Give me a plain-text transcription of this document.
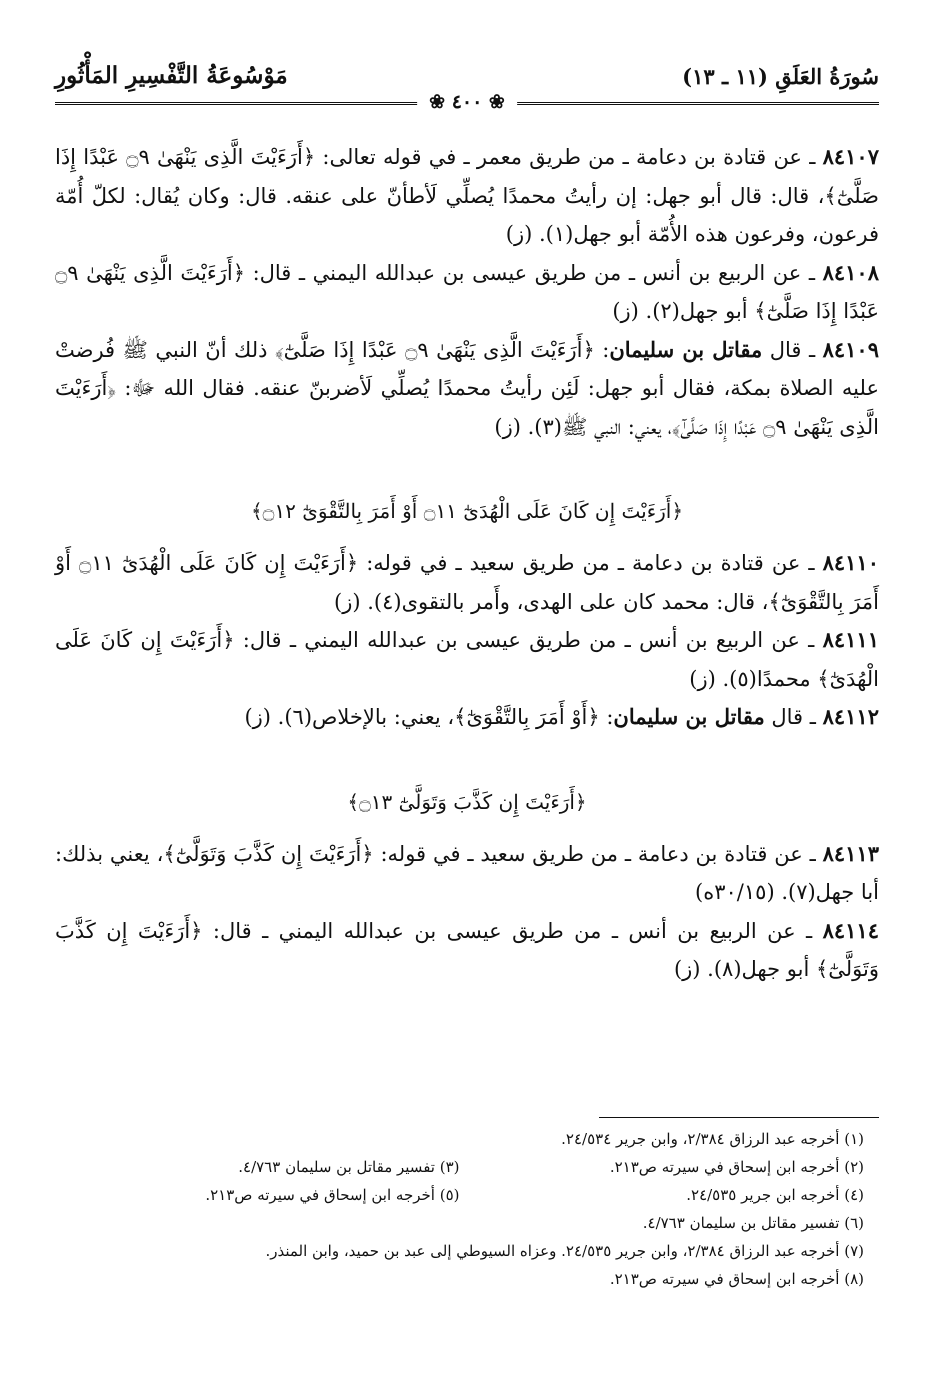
سُورَةُ العَلَقِ (١١ ـ ١٣)
مَوْسُوعَةُ التَّفْسِيرِ المَأْثُورِ
❀ ٤٠٠ ❀

٨٤١٠٧ ـ عن قتادة بن دعامة ـ من طريق معمر ـ في قوله تعالى: ﴿أَرَءَيْتَ الَّذِى يَنْهَىٰ ۝٩ عَبْدًا إِذَا صَلَّىٰٓ﴾، قال: قال أبو جهل: إن رأيتُ محمدًا يُصلِّي لَأطأنّ على عنقه. قال: وكان يُقال: لكلّ أُمّة فرعون، وفرعون هذه الأُمّة أبو جهل(١). (ز)

٨٤١٠٨ ـ عن الربيع بن أنس ـ من طريق عيسى بن عبدالله اليمني ـ قال: ﴿أَرَءَيْتَ الَّذِى يَنْهَىٰ ۝٩ عَبْدًا إِذَا صَلَّىٰٓ﴾ أبو جهل(٢). (ز)

٨٤١٠٩ ـ قال مقاتل بن سليمان: ﴿أَرَءَيْتَ الَّذِى يَنْهَىٰ ۝٩ عَبْدًا إِذَا صَلَّىٰٓ﴾ ذلك أنّ النبي ﷺ فُرضتْ عليه الصلاة بمكة، فقال أبو جهل: لَئِن رأيتُ محمدًا يُصلِّي لَأضربنّ عنقه. فقال الله ﷻ: ﴿أَرَءَيْتَ الَّذِى يَنْهَىٰ ۝٩ عَبْدًا إِذَا صَلَّىٰٓ﴾، يعني: النبي ﷺ(٣). (ز)

﴿أَرَءَيْتَ إِن كَانَ عَلَى الْهُدَىٰٓ ۝١١ أَوْ أَمَرَ بِالتَّقْوَىٰٓ ۝١٢﴾

٨٤١١٠ ـ عن قتادة بن دعامة ـ من طريق سعيد ـ في قوله: ﴿أَرَءَيْتَ إِن كَانَ عَلَى الْهُدَىٰٓ ۝١١ أَوْ أَمَرَ بِالتَّقْوَىٰٓ﴾، قال: محمد كان على الهدى، وأَمر بالتقوى(٤). (ز)

٨٤١١١ ـ عن الربيع بن أنس ـ من طريق عيسى بن عبدالله اليمني ـ قال: ﴿أَرَءَيْتَ إِن كَانَ عَلَى الْهُدَىٰٓ﴾ محمدًا(٥). (ز)

٨٤١١٢ ـ قال مقاتل بن سليمان: ﴿أَوْ أَمَرَ بِالتَّقْوَىٰٓ﴾، يعني: بالإخلاص(٦). (ز)

﴿أَرَءَيْتَ إِن كَذَّبَ وَتَوَلَّىٰٓ ۝١٣﴾

٨٤١١٣ ـ عن قتادة بن دعامة ـ من طريق سعيد ـ في قوله: ﴿أَرَءَيْتَ إِن كَذَّبَ وَتَوَلَّىٰٓ﴾، يعني بذلك: أبا جهل(٧). (٣٠/١٥ه)

٨٤١١٤ ـ عن الربيع بن أنس ـ من طريق عيسى بن عبدالله اليمني ـ قال: ﴿أَرَءَيْتَ إِن كَذَّبَ وَتَوَلَّىٰٓ﴾ أبو جهل(٨). (ز)

(١) أخرجه عبد الرزاق ٢/٣٨٤، وابن جرير ٢٤/٥٣٤.
(٢) أخرجه ابن إسحاق في سيرته ص٢١٣.
(٣) تفسير مقاتل بن سليمان ٤/٧٦٣.
(٤) أخرجه ابن جرير ٢٤/٥٣٥.
(٥) أخرجه ابن إسحاق في سيرته ص٢١٣.
(٦) تفسير مقاتل بن سليمان ٤/٧٦٣.
(٧) أخرجه عبد الرزاق ٢/٣٨٤، وابن جرير ٢٤/٥٣٥. وعزاه السيوطي إلى عبد بن حميد، وابن المنذر.
(٨) أخرجه ابن إسحاق في سيرته ص٢١٣.
